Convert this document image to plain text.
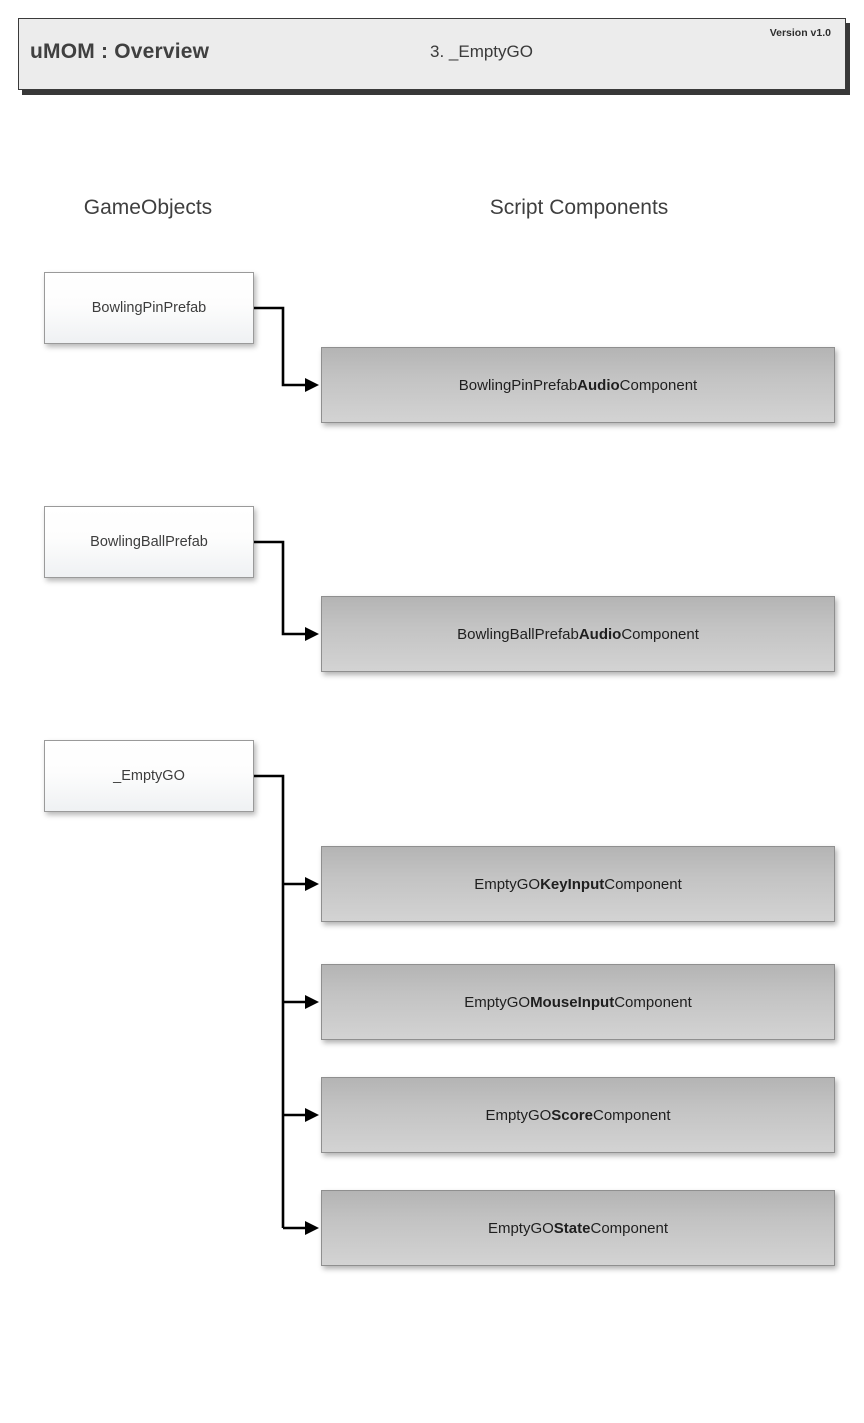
Version v1.0
uMOM : Overview	3. _EmptyGO
GameObjects	Script Components
BowlingPinPrefab
BowlingBallPrefab
_EmptyGO
BowlingPinPrefabAudioComponent
BowlingBallPrefabAudioComponent
EmptyGOKeyInputComponent
EmptyGOMouseInputComponent
EmptyGOScoreComponent
EmptyGOStateComponent
